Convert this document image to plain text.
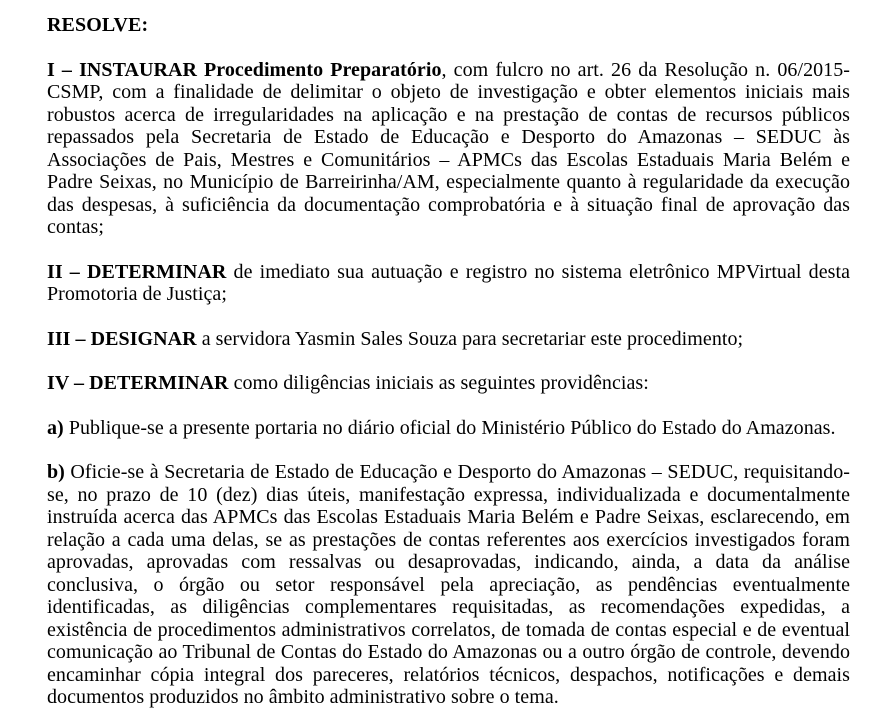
RESOLVE:

I – INSTAURAR Procedimento Preparatório, com fulcro no art. 26 da Resolução n. 06/2015-CSMP, com a finalidade de delimitar o objeto de investigação e obter elementos iniciais mais robustos acerca de irregularidades na aplicação e na prestação de contas de recursos públicos repassados pela Secretaria de Estado de Educação e Desporto do Amazonas – SEDUC às Associações de Pais, Mestres e Comunitários – APMCs das Escolas Estaduais Maria Belém e Padre Seixas, no Município de Barreirinha/AM, especialmente quanto à regularidade da execução das despesas, à suficiência da documentação comprobatória e à situação final de aprovação das contas;

II – DETERMINAR de imediato sua autuação e registro no sistema eletrônico MPVirtual desta Promotoria de Justiça;

III – DESIGNAR a servidora Yasmin Sales Souza para secretariar este procedimento;

IV – DETERMINAR como diligências iniciais as seguintes providências:

a) Publique-se a presente portaria no diário oficial do Ministério Público do Estado do Amazonas.

b) Oficie-se à Secretaria de Estado de Educação e Desporto do Amazonas – SEDUC, requisitando-se, no prazo de 10 (dez) dias úteis, manifestação expressa, individualizada e documentalmente instruída acerca das APMCs das Escolas Estaduais Maria Belém e Padre Seixas, esclarecendo, em relação a cada uma delas, se as prestações de contas referentes aos exercícios investigados foram aprovadas, aprovadas com ressalvas ou desaprovadas, indicando, ainda, a data da análise conclusiva, o órgão ou setor responsável pela apreciação, as pendências eventualmente identificadas, as diligências complementares requisitadas, as recomendações expedidas, a existência de procedimentos administrativos correlatos, de tomada de contas especial e de eventual comunicação ao Tribunal de Contas do Estado do Amazonas ou a outro órgão de controle, devendo encaminhar cópia integral dos pareceres, relatórios técnicos, despachos, notificações e demais documentos produzidos no âmbito administrativo sobre o tema.
